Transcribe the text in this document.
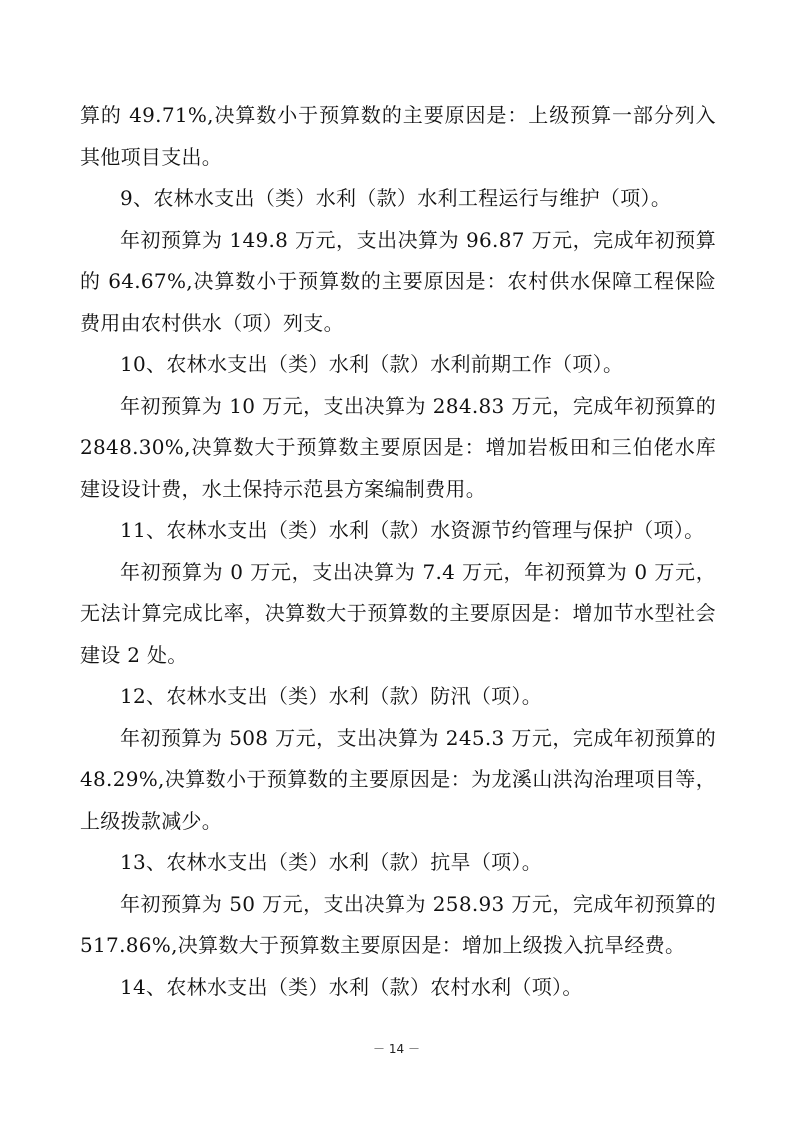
算的 49.71%,决算数小于预算数的主要原因是：上级预算一部分列入其他项目支出。

9、农林水支出（类）水利（款）水利工程运行与维护（项）。

年初预算为 149.8 万元，支出决算为 96.87 万元，完成年初预算的 64.67%,决算数小于预算数的主要原因是：农村供水保障工程保险费用由农村供水（项）列支。

10、农林水支出（类）水利（款）水利前期工作（项）。

年初预算为 10 万元，支出决算为 284.83 万元，完成年初预算的 2848.30%,决算数大于预算数主要原因是：增加岩板田和三伯佬水库建设设计费，水土保持示范县方案编制费用。

11、农林水支出（类）水利（款）水资源节约管理与保护（项）。

年初预算为 0 万元，支出决算为 7.4 万元，年初预算为 0 万元，无法计算完成比率，决算数大于预算数的主要原因是：增加节水型社会建设 2 处。

12、农林水支出（类）水利（款）防汛（项）。

年初预算为 508 万元，支出决算为 245.3 万元，完成年初预算的 48.29%,决算数小于预算数的主要原因是：为龙溪山洪沟治理项目等，上级拨款减少。

13、农林水支出（类）水利（款）抗旱（项）。

年初预算为 50 万元，支出决算为 258.93 万元，完成年初预算的 517.86%,决算数大于预算数主要原因是：增加上级拨入抗旱经费。

14、农林水支出（类）水利（款）农村水利（项）。

－ 14 －
